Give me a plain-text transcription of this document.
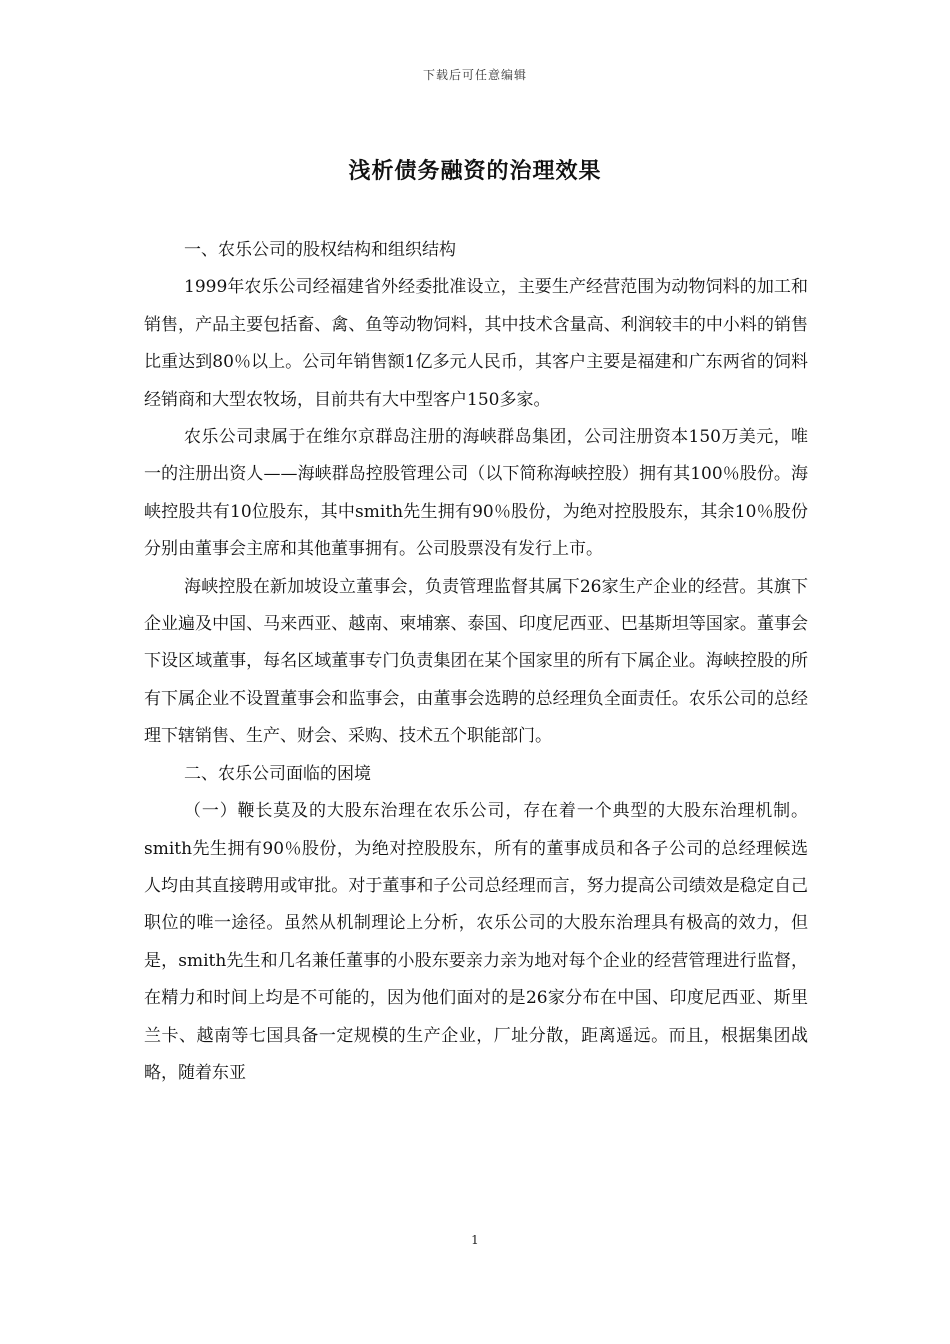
下载后可任意编辑
浅析债务融资的治理效果

一、农乐公司的股权结构和组织结构

1999年农乐公司经福建省外经委批准设立，主要生产经营范围为动物饲料的加工和销售，产品主要包括畜、禽、鱼等动物饲料，其中技术含量高、利润较丰的中小料的销售比重达到80％以上。公司年销售额1亿多元人民币，其客户主要是福建和广东两省的饲料经销商和大型农牧场，目前共有大中型客户150多家。

农乐公司隶属于在维尔京群岛注册的海峡群岛集团，公司注册资本150万美元，唯一的注册出资人——海峡群岛控股管理公司（以下简称海峡控股）拥有其100％股份。海峡控股共有10位股东，其中smith先生拥有90％股份，为绝对控股股东，其余10％股份分别由董事会主席和其他董事拥有。公司股票没有发行上市。

海峡控股在新加坡设立董事会，负责管理监督其属下26家生产企业的经营。其旗下企业遍及中国、马来西亚、越南、柬埔寨、泰国、印度尼西亚、巴基斯坦等国家。董事会下设区域董事，每名区域董事专门负责集团在某个国家里的所有下属企业。海峡控股的所有下属企业不设置董事会和监事会，由董事会选聘的总经理负全面责任。农乐公司的总经理下辖销售、生产、财会、采购、技术五个职能部门。

二、农乐公司面临的困境

（一）鞭长莫及的大股东治理在农乐公司，存在着一个典型的大股东治理机制。smith先生拥有90％股份，为绝对控股股东，所有的董事成员和各子公司的总经理候选人均由其直接聘用或审批。对于董事和子公司总经理而言，努力提高公司绩效是稳定自己职位的唯一途径。虽然从机制理论上分析，农乐公司的大股东治理具有极高的效力，但是，smith先生和几名兼任董事的小股东要亲力亲为地对每个企业的经营管理进行监督，在精力和时间上均是不可能的，因为他们面对的是26家分布在中国、印度尼西亚、斯里兰卡、越南等七国具备一定规模的生产企业，厂址分散，距离遥远。而且，根据集团战略，随着东亚

1
